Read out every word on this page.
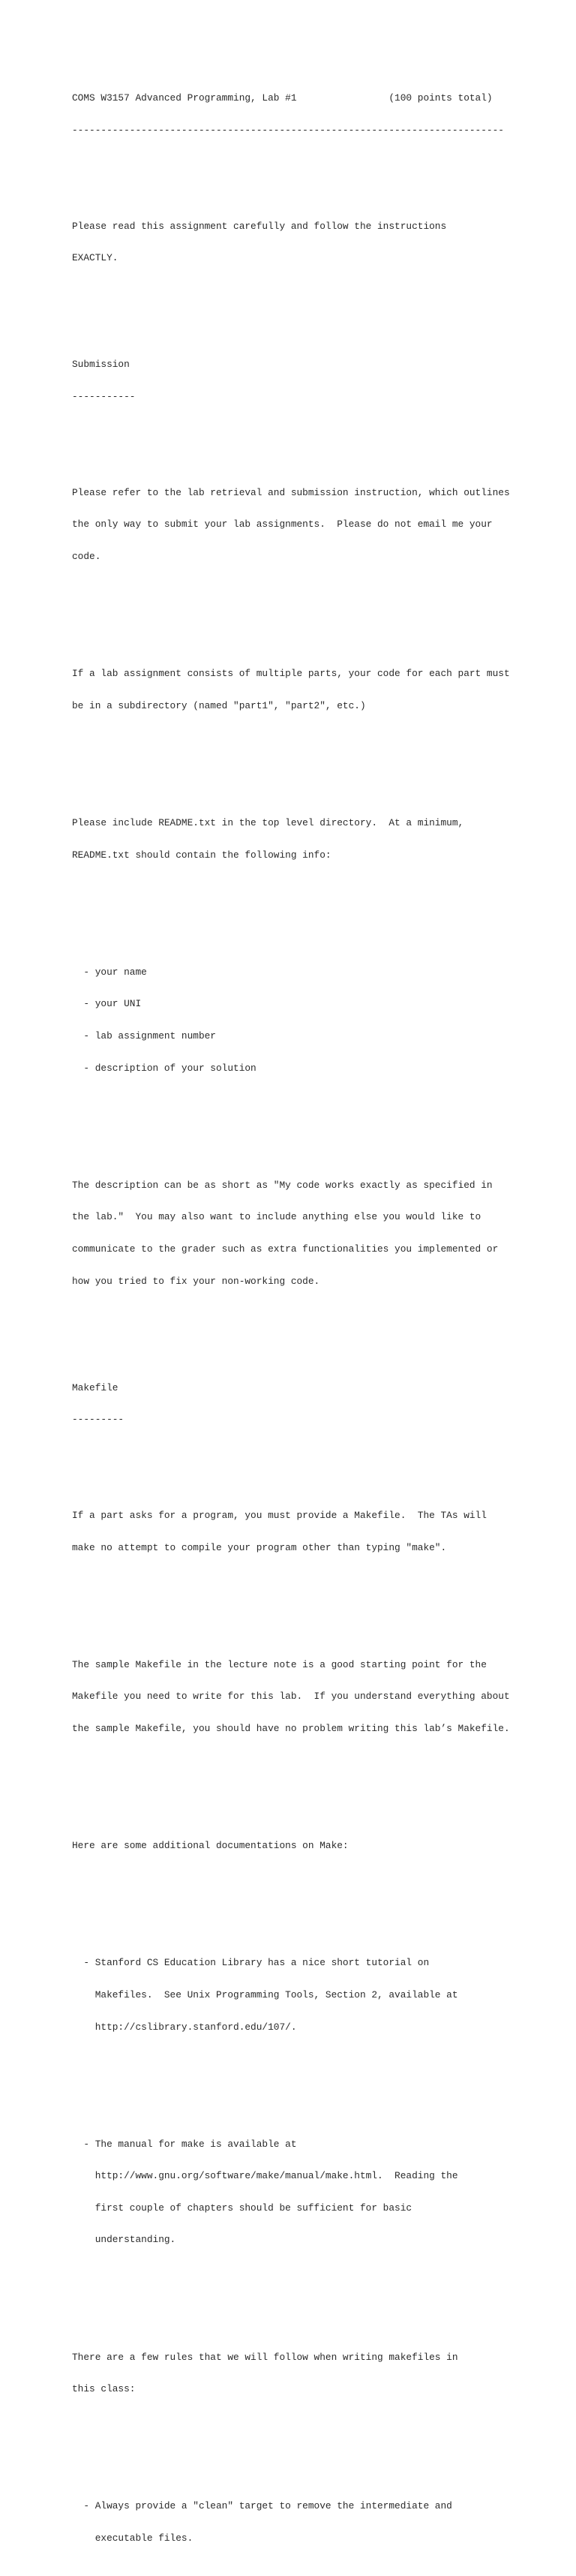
COMS W3157 Advanced Programming, Lab #1                (100 points total)

---------------------------------------------------------------------------

Please read this assignment carefully and follow the instructions

EXACTLY.

Submission

-----------

Please refer to the lab retrieval and submission instruction, which outlines

the only way to submit your lab assignments.  Please do not email me your

code.

If a lab assignment consists of multiple parts, your code for each part must

be in a subdirectory (named "part1", "part2", etc.)

Please include README.txt in the top level directory.  At a minimum,

README.txt should contain the following info:

- your name

- your UNI

- lab assignment number

- description of your solution

The description can be as short as "My code works exactly as specified in

the lab."  You may also want to include anything else you would like to

communicate to the grader such as extra functionalities you implemented or

how you tried to fix your non-working code.

Makefile

---------

If a part asks for a program, you must provide a Makefile.  The TAs will

make no attempt to compile your program other than typing "make".

The sample Makefile in the lecture note is a good starting point for the

Makefile you need to write for this lab.  If you understand everything about

the sample Makefile, you should have no problem writing this lab’s Makefile.

Here are some additional documentations on Make:

- Stanford CS Education Library has a nice short tutorial on

Makefiles.  See Unix Programming Tools, Section 2, available at

http://cslibrary.stanford.edu/107/.

- The manual for make is available at

http://www.gnu.org/software/make/manual/make.html.  Reading the

first couple of chapters should be sufficient for basic

understanding.

There are a few rules that we will follow when writing makefiles in

this class:

- Always provide a "clean" target to remove the intermediate and

executable files.
